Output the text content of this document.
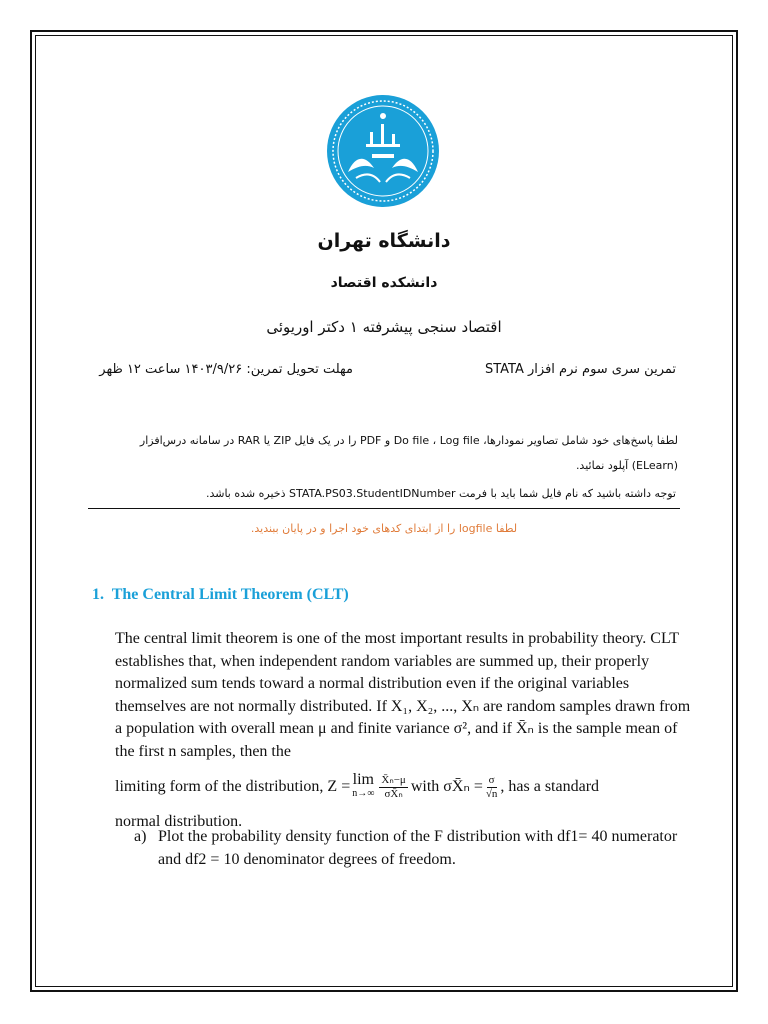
دانشگاه تهران
دانشکده اقتصاد
اقتصاد سنجی پیشرفته ۱ دکتر اوریوئی
تمرین سری سوم نرم افزار STATA
مهلت تحویل تمرین: ۱۴۰۳/۹/۲۶ ساعت ۱۲ ظهر
لطفا پاسخ‌های خود شامل تصاویر نمودارها، Do file ، Log file و PDF را در یک فایل ZIP یا RAR در سامانه درس‌افزار
(ELearn) آپلود نمائید.
توجه داشته باشید که نام فایل شما باید با فرمت STATA.PS03.StudentIDNumber ذخیره شده باشد.
لطفا logfile را از ابتدای کدهای خود اجرا و در پایان ببندید.
1. The Central Limit Theorem (CLT)

The central limit theorem is one of the most important results in probability theory. CLT establishes that, when independent random variables are summed up, their properly normalized sum tends toward a normal distribution even if the original variables themselves are not normally distributed. If X₁, X₂, ..., Xₙ are random samples drawn from a population with overall mean μ and finite variance σ², and if X̄ₙ is the sample mean of the first n samples, then the

limiting form of the distribution, Z = lim
$n\to\infty \frac{\text{X̄ₙ−μ}}{\text{σX̄ₙ}}$ with σX̄ₙ = $\frac{\sigma}{√n}$ , has a standard

normal distribution.

a) Plot the probability density function of the F distribution with df1= 40 numerator and df2 = 10 denominator degrees of freedom.
